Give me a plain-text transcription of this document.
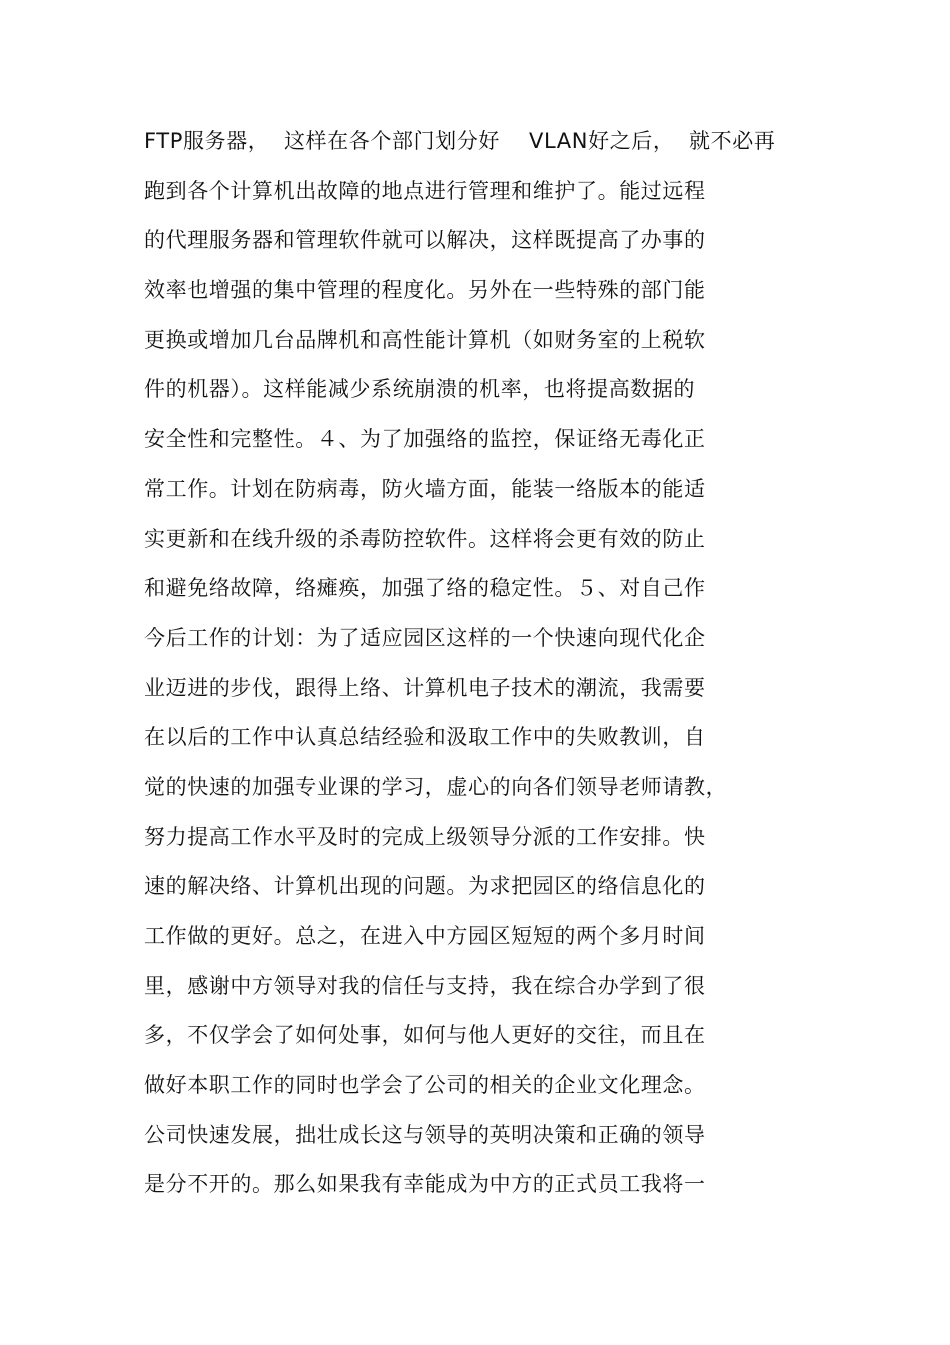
FTP服务器，  这样在各个部门划分好    VLAN好之后，  就不必再
跑到各个计算机出故障的地点进行管理和维护了。能过远程
的代理服务器和管理软件就可以解决，这样既提高了办事的
效率也增强的集中管理的程度化。另外在一些特殊的部门能
更换或增加几台品牌机和高性能计算机（如财务室的上税软
件的机器）。这样能减少系统崩溃的机率，也将提高数据的
安全性和完整性。４、为了加强络的监控，保证络无毒化正
常工作。计划在防病毒，防火墙方面，能装一络版本的能适
实更新和在线升级的杀毒防控软件。这样将会更有效的防止
和避免络故障，络瘫痪，加强了络的稳定性。５、对自己作
今后工作的计划：为了适应园区这样的一个快速向现代化企
业迈进的步伐，跟得上络、计算机电子技术的潮流，我需要
在以后的工作中认真总结经验和汲取工作中的失败教训，自
觉的快速的加强专业课的学习，虚心的向各们领导老师请教，
努力提高工作水平及时的完成上级领导分派的工作安排。快
速的解决络、计算机出现的问题。为求把园区的络信息化的
工作做的更好。总之，在进入中方园区短短的两个多月时间
里，感谢中方领导对我的信任与支持，我在综合办学到了很
多，不仅学会了如何处事，如何与他人更好的交往，而且在
做好本职工作的同时也学会了公司的相关的企业文化理念。
公司快速发展，拙壮成长这与领导的英明决策和正确的领导
是分不开的。那么如果我有幸能成为中方的正式员工我将一
